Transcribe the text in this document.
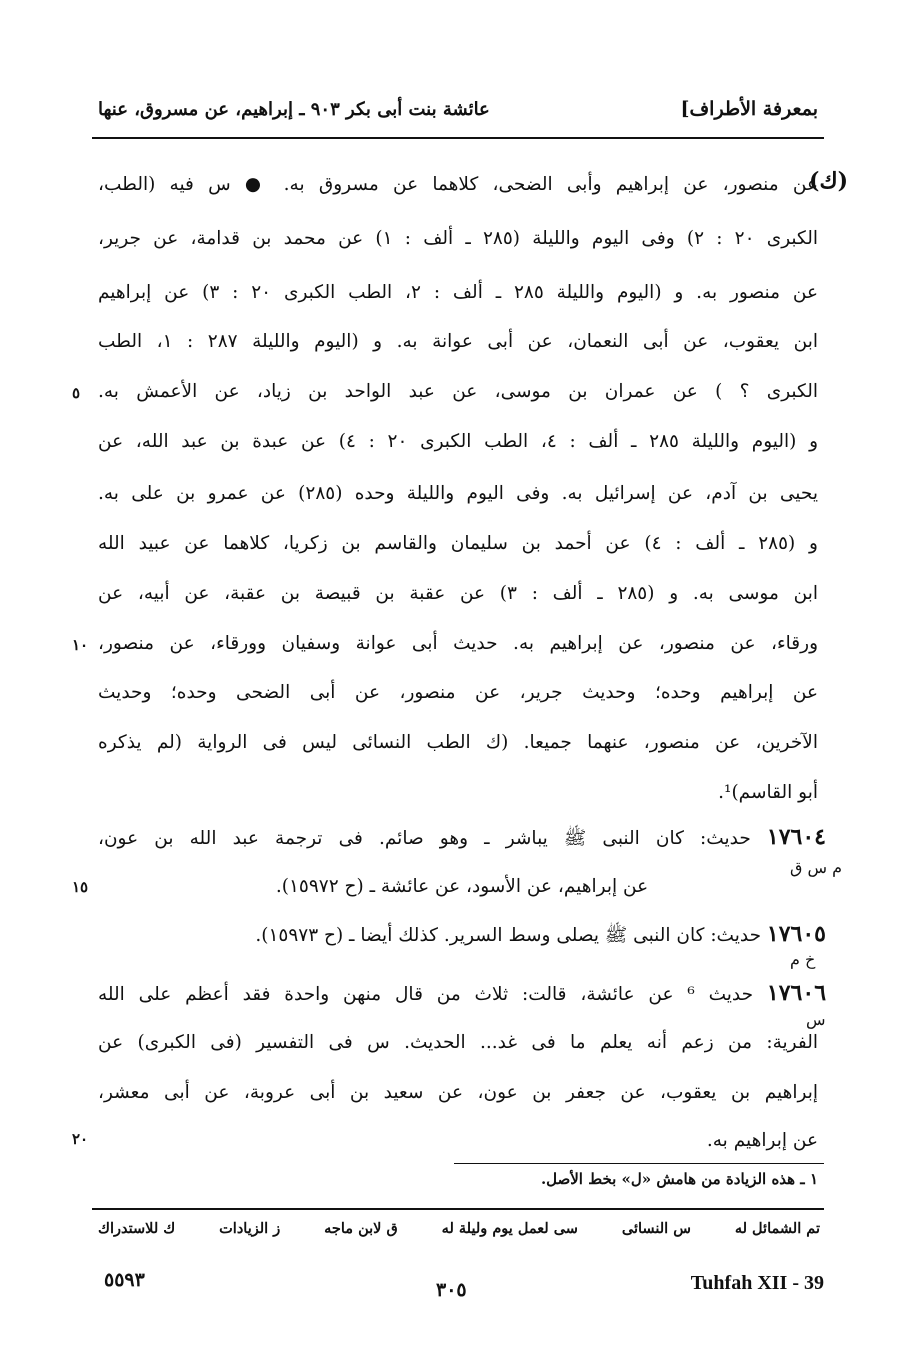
بمعرفة الأطراف]
عائشة بنت أبى بكر ٩٠٣ ـ إبراهيم، عن مسروق، عنها
(ك)
عن منصور، عن إبراهيم وأبى الضحى، كلاهما عن مسروق به. ● س فيه (الطب،
الكبرى ٢٠ : ٢) وفى اليوم والليلة (٢٨٥ ـ ألف : ١) عن محمد بن قدامة، عن جرير،
عن منصور به. و (اليوم والليلة ٢٨٥ ـ ألف : ٢، الطب الكبرى ٢٠ : ٣) عن إبراهيم
ابن يعقوب، عن أبى النعمان، عن أبى عوانة به. و (اليوم والليلة ٢٨٧ : ١، الطب
الكبرى ؟ ) عن عمران بن موسى، عن عبد الواحد بن زياد، عن الأعمش به.
و (اليوم والليلة ٢٨٥ ـ ألف : ٤، الطب الكبرى ٢٠ : ٤) عن عبدة بن عبد الله، عن
يحيى بن آدم، عن إسرائيل به. وفى اليوم والليلة وحده (٢٨٥) عن عمرو بن على به.
و (٢٨٥ ـ ألف : ٤) عن أحمد بن سليمان والقاسم بن زكريا، كلاهما عن عبيد الله
ابن موسى به. و (٢٨٥ ـ ألف : ٣) عن عقبة بن قبيصة بن عقبة، عن أبيه، عن
ورقاء، عن منصور، عن إبراهيم به. حديث أبى عوانة وسفيان وورقاء، عن منصور،
عن إبراهيم وحده؛ وحديث جرير، عن منصور، عن أبى الضحى وحده؛ وحديث
الآخرين، عن منصور، عنهما جميعا. (ك الطب النسائى ليس فى الرواية (لم يذكره
أبو القاسم)¹.
٥
١٠
١٥
٢٠
١٧٦٠٤ حديث: كان النبى ﷺ يباشر ـ وهو صائم. فى ترجمة عبد الله بن عون،
م س ق
عن إبراهيم، عن الأسود، عن عائشة ـ (ح ١٥٩٧٢).
١٧٦٠٥ حديث: كان النبى ﷺ يصلى وسط السرير. كذلك أيضا ـ (ح ١٥٩٧٣).
خ م
١٧٦٠٦ حديث ⁶ عن عائشة، قالت: ثلاث من قال منهن واحدة فقد أعظم على الله
س
الفرية: من زعم أنه يعلم ما فى غد... الحديث. س فى التفسير (فى الكبرى) عن
إبراهيم بن يعقوب، عن جعفر بن عون، عن سعيد بن أبى عروبة، عن أبى معشر،
عن إبراهيم به.
١ ـ هذه الزيادة من هامش «ل» بخط الأصل.
تم الشمائل له
س النسائى
سى لعمل يوم وليلة له
ق لابن ماجه
ز الزيادات
ك للاستدراك
٥٥٩٣	٣٠٥	Tuhfah XII - 39
